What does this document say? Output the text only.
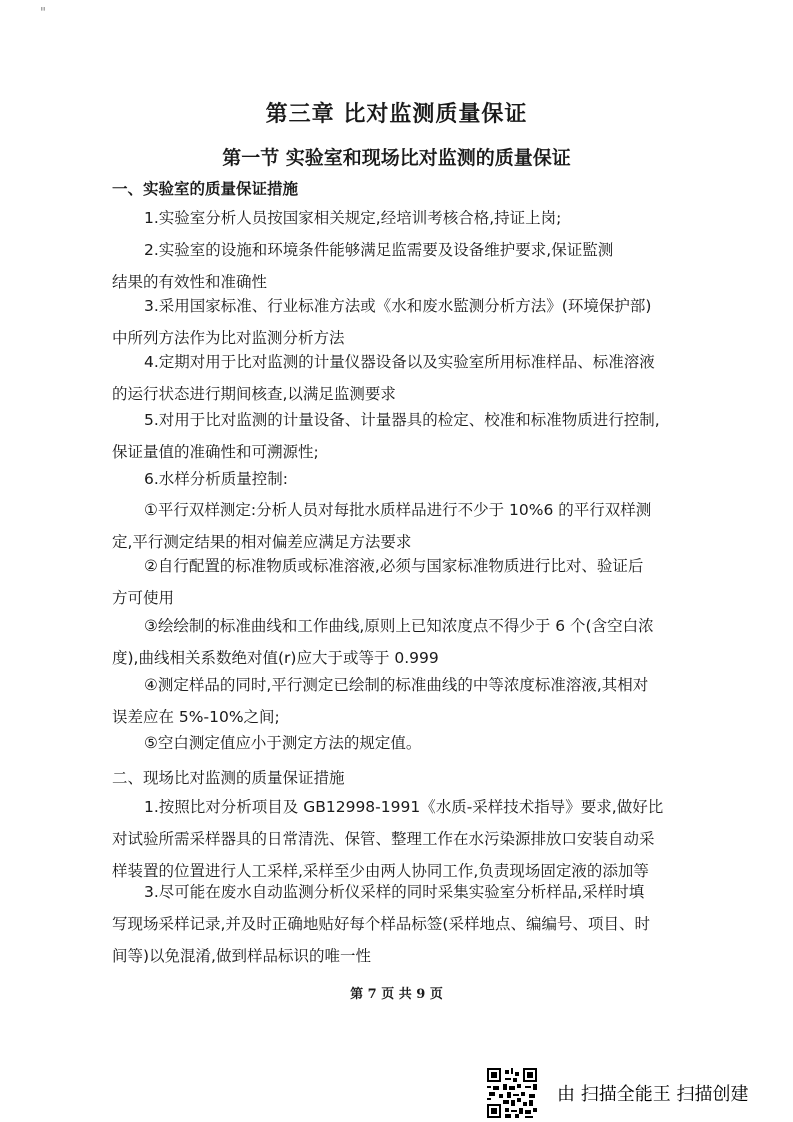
"
第三章 比对监测质量保证
第一节 实验室和现场比对监测的质量保证
一、实验室的质量保证措施
1.实验室分析人员按国家相关规定,经培训考核合格,持证上岗;
2.实验室的设施和环境条件能够满足监需要及设备维护要求,保证監测
结果的有效性和准确性
3.采用国家标准、行业标准方法或《水和废水監测分析方法》(环境保护部)
中所列方法作为比对监测分析方法
4.定期对用于比对监测的计量仪器设备以及实验室所用标准样品、标准溶液
的运行状态进行期间核查,以满足监测要求
5.对用于比对监测的计量设备、计量器具的检定、校准和标准物质进行控制,
保证量值的准确性和可溯源性;
6.水样分析质量控制:
①平行双样测定:分析人员对每批水质样品进行不少于 10%6 的平行双样测
定,平行测定结果的相对偏差应满足方法要求
②自行配置的标准物质或标准溶液,必须与国家标准物质进行比对、验证后
方可使用
③绘绘制的标准曲线和工作曲线,原则上已知浓度点不得少于 6 个(含空白浓
度),曲线相关系数绝对值(r)应大于或等于 0.999
④测定样品的同时,平行测定已绘制的标准曲线的中等浓度标准溶液,其相对
误差应在 5%-10%之间;
⑤空白测定值应小于测定方法的规定值。
二、现场比对监测的质量保证措施
1.按照比对分析项目及 GB12998-1991《水质-采样技术指导》要求,做好比
对试验所需采样器具的日常清洗、保管、整理工作在水污染源排放口安装自动采
样装置的位置进行人工采样,采样至少由两人协同工作,负责现场固定液的添加等
3.尽可能在废水自动监测分析仪采样的同时采集实验室分析样品,采样时填
写现场采样记录,并及时正确地贴好每个样品标签(采样地点、编编号、项目、时
间等)以免混淆,做到样品标识的唯一性
第 7 页 共 9 页
由 扫描全能王 扫描创建
